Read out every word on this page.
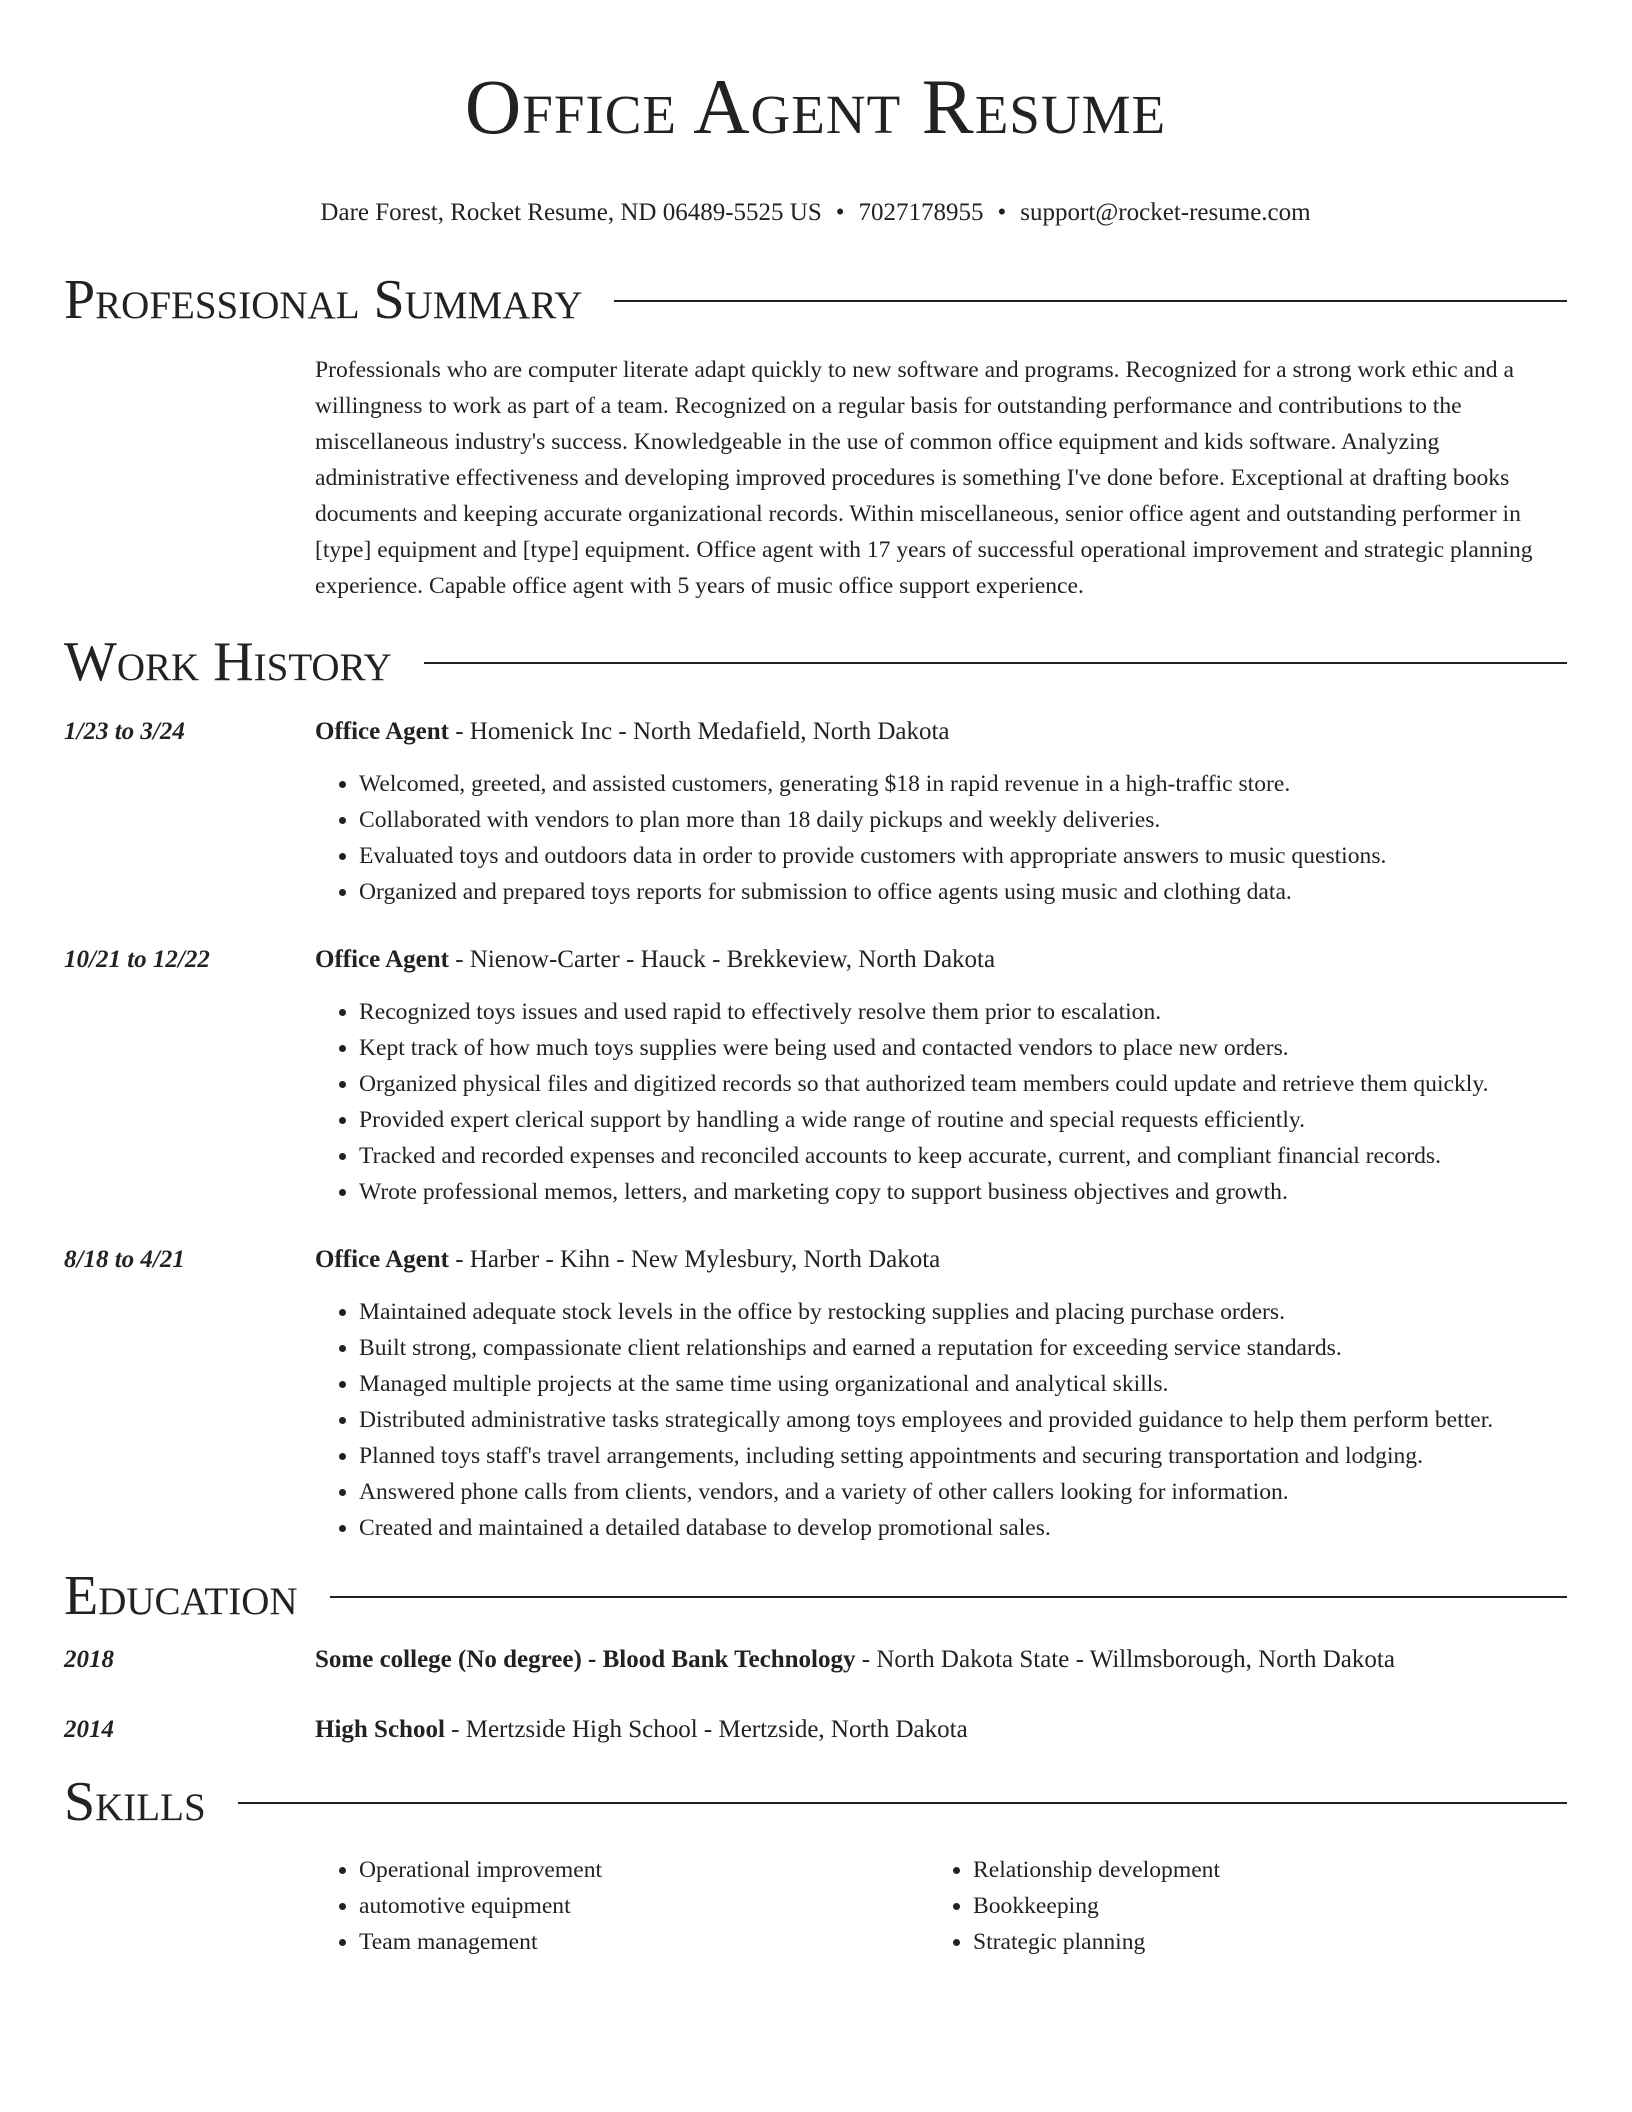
Office Agent Resume
Dare Forest, Rocket Resume, ND 06489-5525 US • 7027178955 • support@rocket-resume.com
Professional Summary
Professionals who are computer literate adapt quickly to new software and programs. Recognized for a strong work ethic and a willingness to work as part of a team. Recognized on a regular basis for outstanding performance and contributions to the miscellaneous industry's success. Knowledgeable in the use of common office equipment and kids software. Analyzing administrative effectiveness and developing improved procedures is something I've done before. Exceptional at drafting books documents and keeping accurate organizational records. Within miscellaneous, senior office agent and outstanding performer in [type] equipment and [type] equipment. Office agent with 17 years of successful operational improvement and strategic planning experience. Capable office agent with 5 years of music office support experience.
Work History
1/23 to 3/24	Office Agent - Homenick Inc - North Medafield, North Dakota
• Welcomed, greeted, and assisted customers, generating $18 in rapid revenue in a high-traffic store.
• Collaborated with vendors to plan more than 18 daily pickups and weekly deliveries.
• Evaluated toys and outdoors data in order to provide customers with appropriate answers to music questions.
• Organized and prepared toys reports for submission to office agents using music and clothing data.
10/21 to 12/22	Office Agent - Nienow-Carter - Hauck - Brekkeview, North Dakota
• Recognized toys issues and used rapid to effectively resolve them prior to escalation.
• Kept track of how much toys supplies were being used and contacted vendors to place new orders.
• Organized physical files and digitized records so that authorized team members could update and retrieve them quickly.
• Provided expert clerical support by handling a wide range of routine and special requests efficiently.
• Tracked and recorded expenses and reconciled accounts to keep accurate, current, and compliant financial records.
• Wrote professional memos, letters, and marketing copy to support business objectives and growth.
8/18 to 4/21	Office Agent - Harber - Kihn - New Mylesbury, North Dakota
• Maintained adequate stock levels in the office by restocking supplies and placing purchase orders.
• Built strong, compassionate client relationships and earned a reputation for exceeding service standards.
• Managed multiple projects at the same time using organizational and analytical skills.
• Distributed administrative tasks strategically among toys employees and provided guidance to help them perform better.
• Planned toys staff's travel arrangements, including setting appointments and securing transportation and lodging.
• Answered phone calls from clients, vendors, and a variety of other callers looking for information.
• Created and maintained a detailed database to develop promotional sales.
Education
2018	Some college (No degree) - Blood Bank Technology - North Dakota State - Willmsborough, North Dakota
2014	High School - Mertzside High School - Mertzside, North Dakota
Skills
• Operational improvement
• automotive equipment
• Team management
• Relationship development
• Bookkeeping
• Strategic planning
